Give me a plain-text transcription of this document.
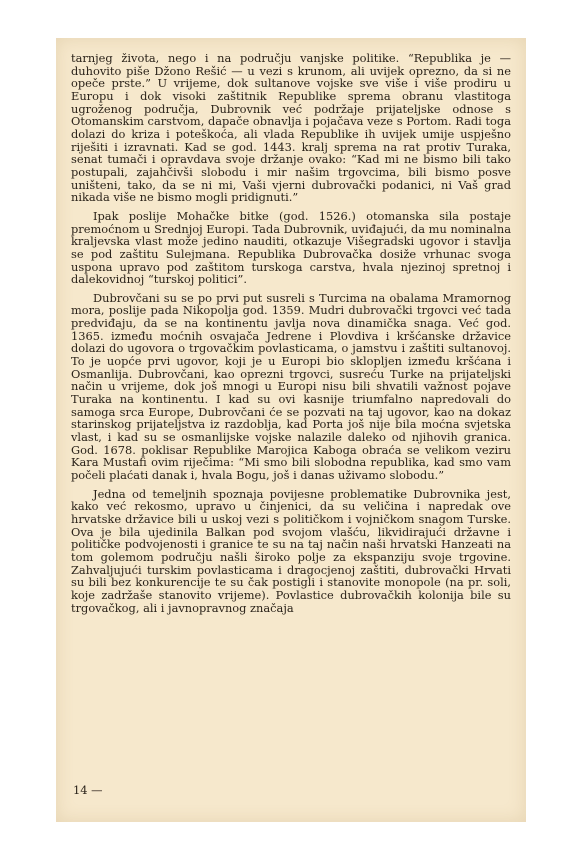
tarnjeg života, nego i na području vanjske politike. “Republika je — duhovito piše Džono Rešić — u vezi s krunom, ali uvijek oprezno, da si ne opeče prste.” U vrijeme, dok sultanove vojske sve više i više prodiru u Europu i dok visoki zaštitnik Republike sprema obranu vlastitoga ugroženog područja, Dubrovnik već podržaje prijateljske odnose s Otomanskim carstvom, dapače obnavlja i pojačava veze s Portom. Radi toga dolazi do kriza i poteškoća, ali vlada Republike ih uvijek umije uspješno riješiti i izravnati. Kad se god. 1443. kralj sprema na rat protiv Turaka, senat tumači i opravdava svoje držanje ovako: “Kad mi ne bismo bili tako postupali, zajahčivši slobodu i mir našim trgovcima, bili bismo posve uništeni, tako, da se ni mi, Vaši vjerni dubrovački podanici, ni Vaš grad nikada više ne bismo mogli pridignuti.”

Ipak poslije Mohačke bitke (god. 1526.) otomanska sila postaje premoćnom u Srednjoj Europi. Tada Dubrovnik, uviđajući, da mu nominalna kraljevska vlast može jedino nauditi, otkazuje Višegradski ugovor i stavlja se pod zaštitu Sulejmana. Republika Dubrovačka dosiže vrhunac svoga uspona upravo pod zaštitom turskoga carstva, hvala njezinoj spretnoj i dalekovidnoj “turskoj politici”.

Dubrovčani su se po prvi put susreli s Turcima na obalama Mramornog mora, poslije pada Nikopolja god. 1359. Mudri dubrovački trgovci već tada predviđaju, da se na kontinentu javlja nova dinamička snaga. Već god. 1365. između moćnih osvajača Jedrene i Plovdiva i kršćanske državice dolazi do ugovora o trgovačkim povlasticama, o jamstvu i zaštiti sultanovoj. To je uopće prvi ugovor, koji je u Europi bio sklopljen između kršćana i Osmanlija. Dubrovčani, kao oprezni trgovci, susreću Turke na prijateljski način u vrijeme, dok još mnogi u Europi nisu bili shvatili važnost pojave Turaka na kontinentu. I kad su ovi kasnije triumfalno napredovali do samoga srca Europe, Dubrovčani će se pozvati na taj ugovor, kao na dokaz starinskog prijateljstva iz razdoblja, kad Porta još nije bila moćna svjetska vlast, i kad su se osmanlijske vojske nalazile daleko od njihovih granica. God. 1678. poklisar Republike Marojica Kaboga obraća se velikom veziru Kara Mustafi ovim riječima: “Mi smo bili slobodna republika, kad smo vam počeli plaćati danak i, hvala Bogu, još i danas uživamo slobodu.”

Jedna od temeljnih spoznaja povijesne problematike Dubrovnika jest, kako već rekosmo, upravo u činjenici, da su veličina i napredak ove hrvatske državice bili u uskoj vezi s političkom i vojničkom snagom Turske. Ova je bila ujedinila Balkan pod svojom vlašću, likvidirajući državne i političke podvojenosti i granice te su na taj način naši hrvatski Hanzeati na tom golemom području našli široko polje za ekspanziju svoje trgovine. Zahvaljujući turskim povlasticama i dragocjenoj zaštiti, dubrovački Hrvati su bili bez konkurencije te su čak postigli i stanovite monopole (na pr. soli, koje zadržaše stanovito vrijeme). Povlastice dubrovačkih kolonija bile su trgovačkog, ali i javnopravnog značaja

14 —
